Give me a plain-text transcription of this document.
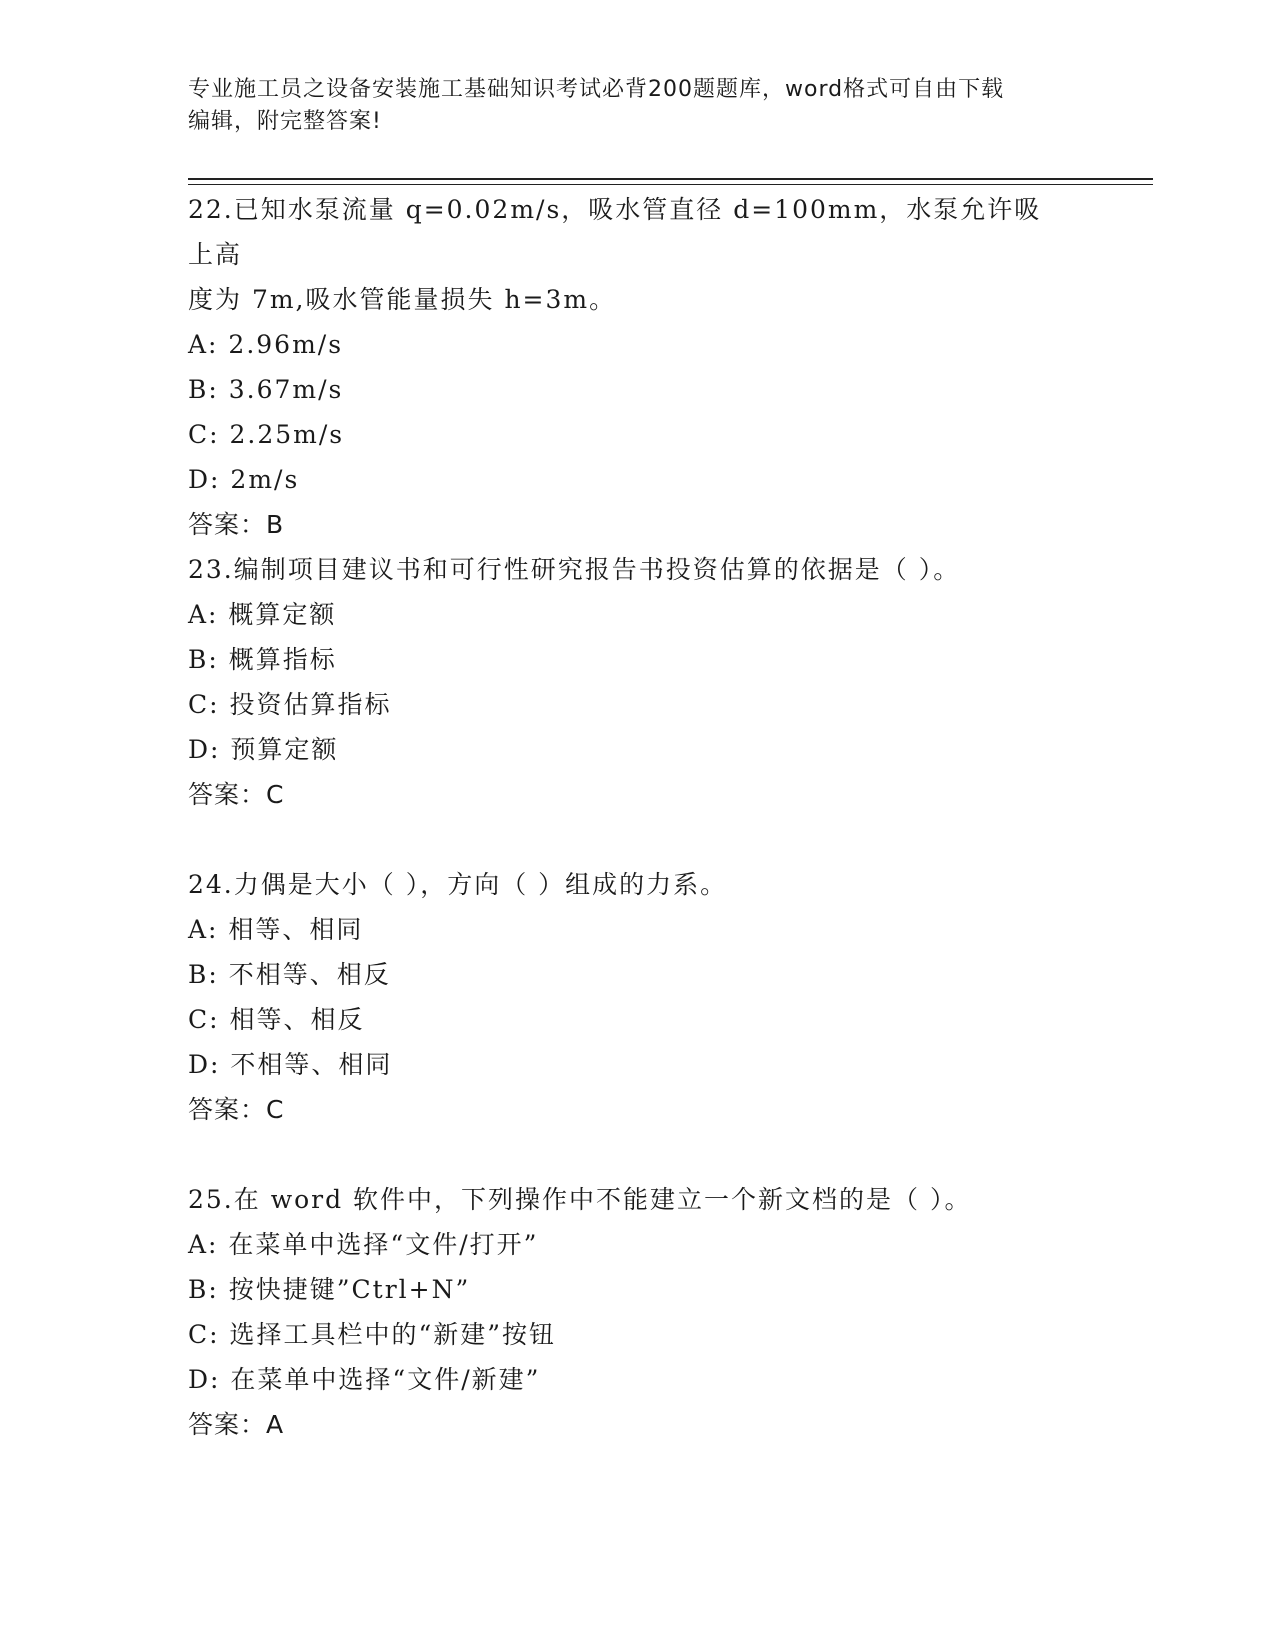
专业施工员之设备安装施工基础知识考试必背200题题库，word格式可自由下载
编辑，附完整答案!
22.已知水泵流量 q=0.02m/s，吸水管直径 d=100mm，水泵允许吸上高
度为 7m,吸水管能量损失 h=3m。
A: 2.96m/s
B: 3.67m/s
C: 2.25m/s
D: 2m/s
答案：B
23.编制项目建议书和可行性研究报告书投资估算的依据是（ ）。
A: 概算定额
B: 概算指标
C: 投资估算指标
D: 预算定额
答案：C
24.力偶是大小（ ），方向（ ）组成的力系。
A: 相等、相同
B: 不相等、相反
C: 相等、相反
D: 不相等、相同
答案：C
25.在 word 软件中，下列操作中不能建立一个新文档的是（ ）。
A: 在菜单中选择“文件/打开”
B: 按快捷键”Ctrl+N”
C: 选择工具栏中的“新建”按钮
D: 在菜单中选择“文件/新建”
答案：A
